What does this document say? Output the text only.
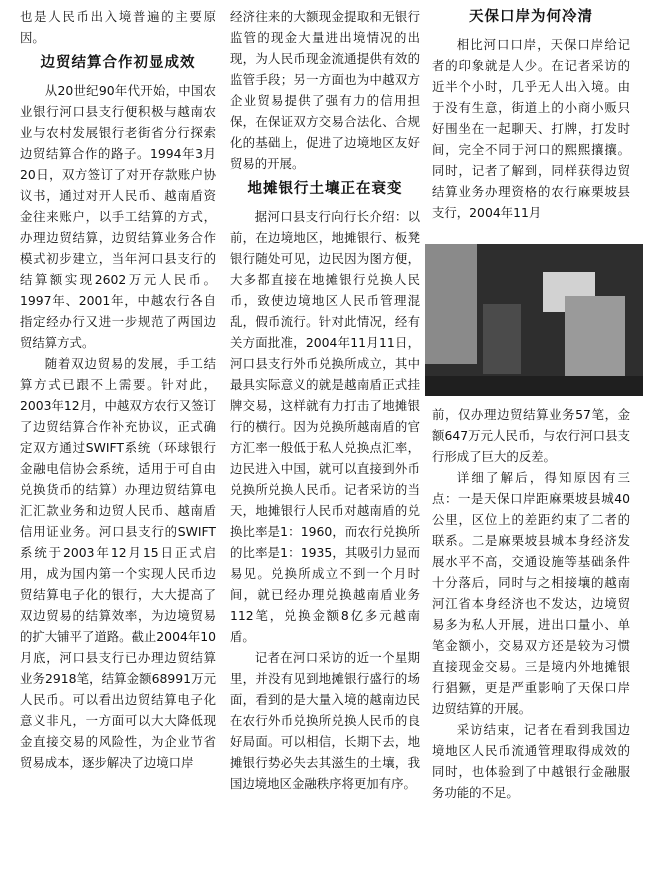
也是人民币出入境普遍的主要原因。

边贸结算合作初显成效

从20世纪90年代开始，中国农业银行河口县支行便积极与越南农业与农村发展银行老街省分行探索边贸结算合作的路子。1994年3月20日，双方签订了对开存款账户协议书，通过对开人民币、越南盾资金往来账户，以手工结算的方式，办理边贸结算，边贸结算业务合作模式初步建立，当年河口县支行的结算额实现2602万元人民币。1997年、2001年，中越农行各自指定经办行又进一步规范了两国边贸结算方式。

随着双边贸易的发展，手工结算方式已跟不上需要。针对此，2003年12月，中越双方农行又签订了边贸结算合作补充协议，正式确定双方通过SWIFT系统（环球银行金融电信协会系统，适用于可自由兑换货币的结算）办理边贸结算电汇汇款业务和边贸人民币、越南盾信用证业务。河口县支行的SWIFT系统于2003年12月15日正式启用，成为国内第一个实现人民币边贸结算电子化的银行，大大提高了双边贸易的结算效率，为边境贸易的扩大铺平了道路。截止2004年10月底，河口县支行已办理边贸结算业务2918笔，结算金额68991万元人民币。可以看出边贸结算电子化意义非凡，一方面可以大大降低现金直接交易的风险性，为企业节省贸易成本，逐步解决了边境口岸

经济往来的大额现金提取和无银行监管的现金大量进出境情况的出现，为人民币现金流通提供有效的监管手段；另一方面也为中越双方企业贸易提供了强有力的信用担保，在保证双方交易合法化、合规化的基础上，促进了边境地区友好贸易的开展。

地摊银行土壤正在衰变

据河口县支行向行长介绍：以前，在边境地区，地摊银行、板凳银行随处可见，边民因为图方便，大多都直接在地摊银行兑换人民币，致使边境地区人民币管理混乱，假币流行。针对此情况，经有关方面批准，2004年11月11日，河口县支行外币兑换所成立，其中最具实际意义的就是越南盾正式挂牌交易，这样就有力打击了地摊银行的横行。因为兑换所越南盾的官方汇率一般低于私人兑换点汇率，边民进入中国，就可以直接到外币兑换所兑换人民币。记者采访的当天，地摊银行人民币对越南盾的兑换比率是1：1960，而农行兑换所的比率是1：1935，其吸引力显而易见。兑换所成立不到一个月时间，就已经办理兑换越南盾业务112笔，兑换金额8亿多元越南盾。

记者在河口采访的近一个星期里，并没有见到地摊银行盛行的场面，看到的是大量入境的越南边民在农行外币兑换所兑换人民币的良好局面。可以相信，长期下去，地摊银行势必失去其滋生的土壤，我国边境地区金融秩序将更加有序。

天保口岸为何冷清

相比河口口岸，天保口岸给记者的印象就是人少。在记者采访的近半个小时，几乎无人出入境。由于没有生意，街道上的小商小贩只好围坐在一起聊天、打牌，打发时间，完全不同于河口的熙熙攘攘。同时，记者了解到，同样获得边贸结算业务办理资格的农行麻栗坡县支行，2004年11月

前，仅办理边贸结算业务57笔，金额647万元人民币，与农行河口县支行形成了巨大的反差。

详细了解后，得知原因有三点：一是天保口岸距麻栗坡县城40公里，区位上的差距约束了二者的联系。二是麻栗坡县城本身经济发展水平不高，交通设施等基础条件十分落后，同时与之相接壤的越南河江省本身经济也不发达，边境贸易多为私人开展，进出口量小、单笔金额小，交易双方还是较为习惯直接现金交易。三是境内外地摊银行猖獗，更是严重影响了天保口岸边贸结算的开展。

采访结束，记者在看到我国边境地区人民币流通管理取得成效的同时，也体验到了中越银行金融服务功能的不足。
